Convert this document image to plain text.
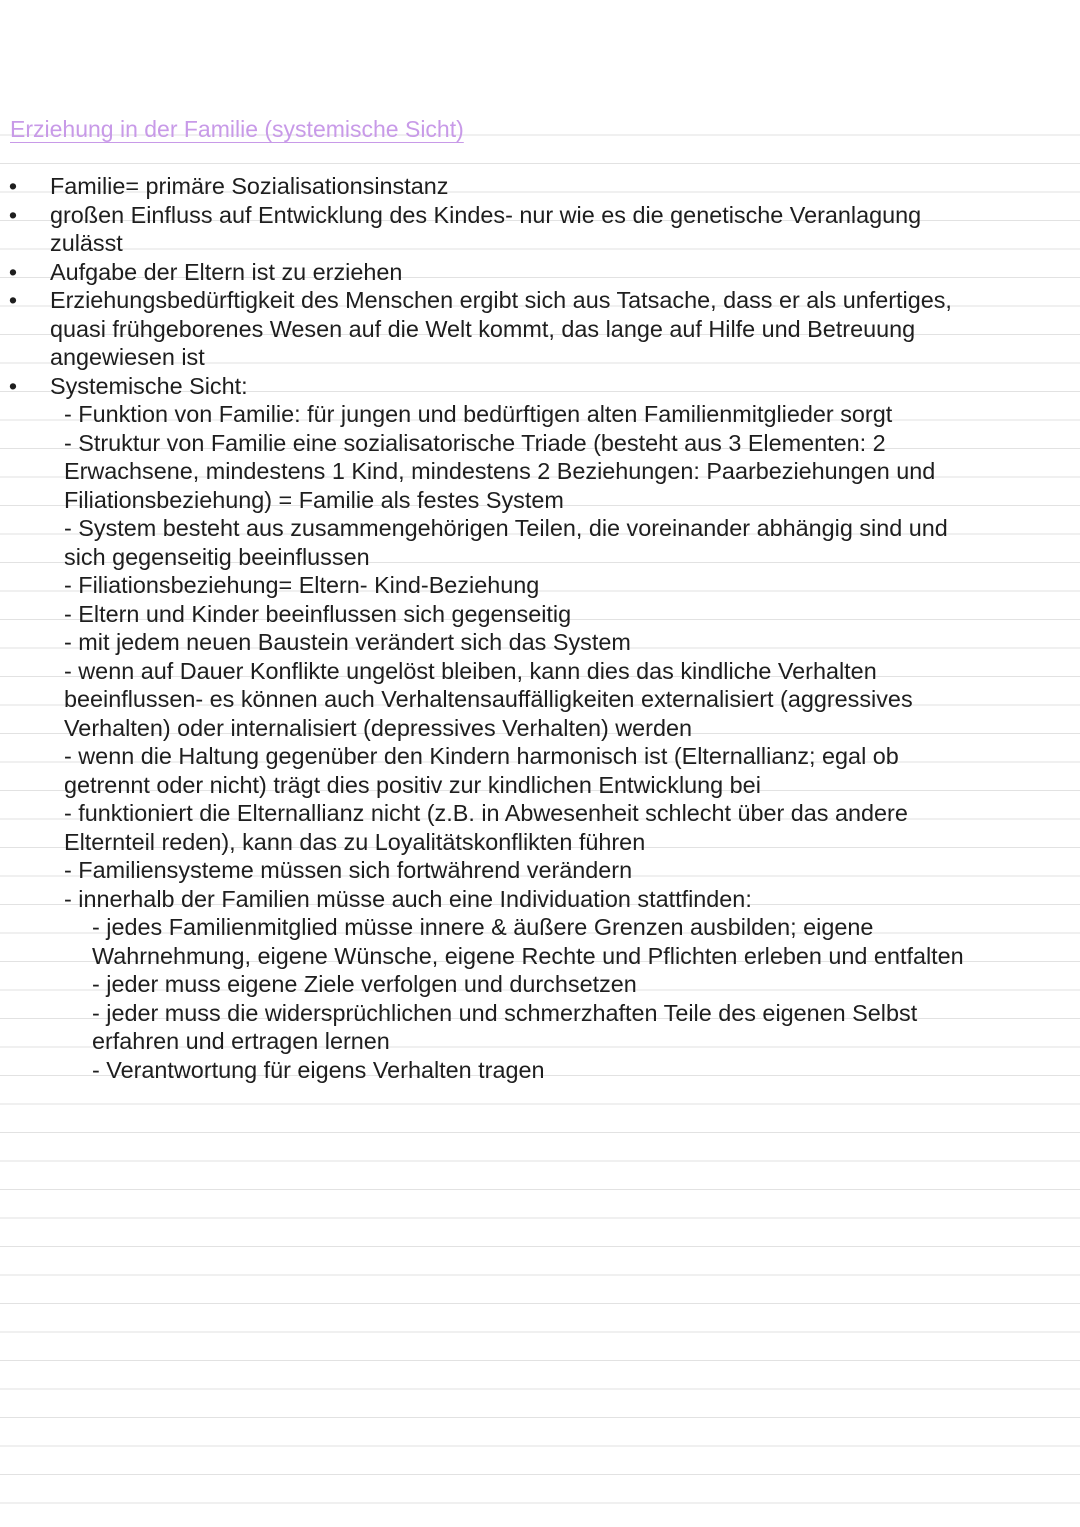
Erziehung in der Familie (systemische Sicht)
• Familie= primäre Sozialisationsinstanz
• großen Einfluss auf Entwicklung des Kindes- nur wie es die genetische Veranlagung
zulässt
• Aufgabe der Eltern ist zu erziehen
• Erziehungsbedürftigkeit des Menschen ergibt sich aus Tatsache, dass er als unfertiges,
quasi frühgeborenes Wesen auf die Welt kommt, das lange auf Hilfe und Betreuung
angewiesen ist
• Systemische Sicht:
- Funktion von Familie: für jungen und bedürftigen alten Familienmitglieder sorgt
- Struktur von Familie eine sozialisatorische Triade (besteht aus 3 Elementen: 2
Erwachsene, mindestens 1 Kind, mindestens 2 Beziehungen: Paarbeziehungen und
Filiationsbeziehung) = Familie als festes System
- System besteht aus zusammengehörigen Teilen, die voreinander abhängig sind und
sich gegenseitig beeinflussen
- Filiationsbeziehung= Eltern- Kind-Beziehung
- Eltern und Kinder beeinflussen sich gegenseitig
- mit jedem neuen Baustein verändert sich das System
- wenn auf Dauer Konflikte ungelöst bleiben, kann dies das kindliche Verhalten
beeinflussen- es können auch Verhaltensauffälligkeiten externalisiert (aggressives
Verhalten) oder internalisiert (depressives Verhalten) werden
- wenn die Haltung gegenüber den Kindern harmonisch ist (Elternallianz; egal ob
getrennt oder nicht) trägt dies positiv zur kindlichen Entwicklung bei
- funktioniert die Elternallianz nicht (z.B. in Abwesenheit schlecht über das andere
Elternteil reden), kann das zu Loyalitätskonflikten führen
- Familiensysteme müssen sich fortwährend verändern
- innerhalb der Familien müsse auch eine Individuation stattfinden:
- jedes Familienmitglied müsse innere & äußere Grenzen ausbilden; eigene
Wahrnehmung, eigene Wünsche, eigene Rechte und Pflichten erleben und entfalten
- jeder muss eigene Ziele verfolgen und durchsetzen
- jeder muss die widersprüchlichen und schmerzhaften Teile des eigenen Selbst
erfahren und ertragen lernen
- Verantwortung für eigens Verhalten tragen
